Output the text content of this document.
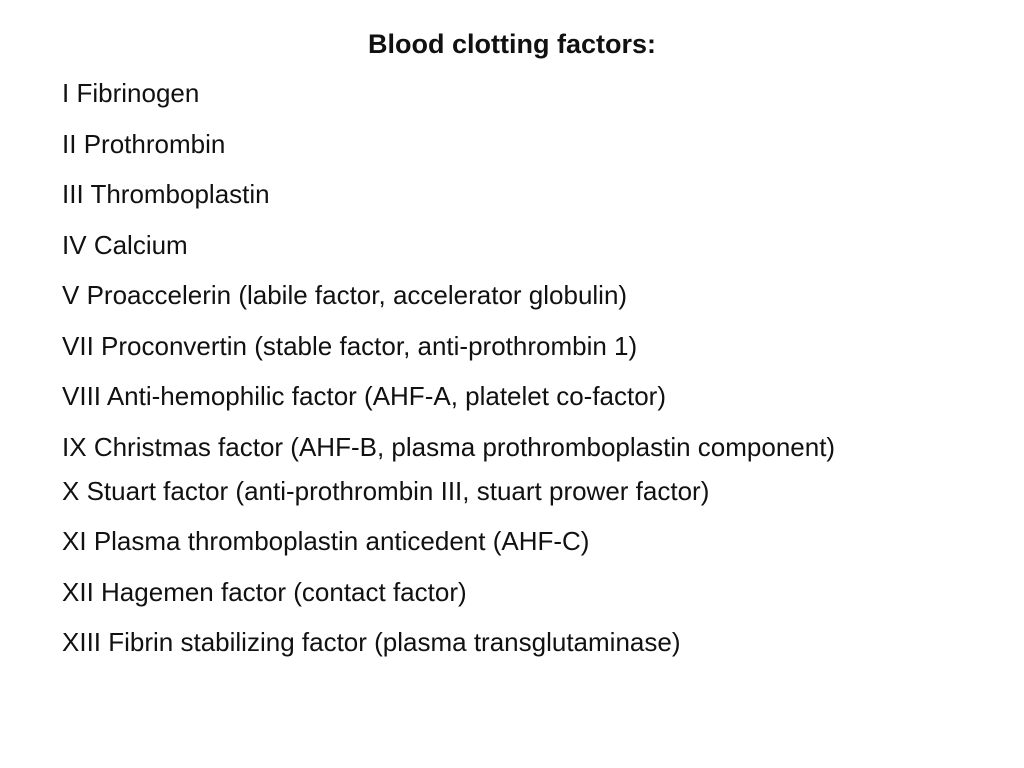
Blood clotting factors:
I Fibrinogen
II Prothrombin
III Thromboplastin
IV Calcium
V Proaccelerin (labile factor, accelerator globulin)
VII Proconvertin (stable factor, anti-prothrombin 1)
VIII Anti-hemophilic factor (AHF-A, platelet co-factor)
IX Christmas factor (AHF-B, plasma prothromboplastin component)
X Stuart factor (anti-prothrombin III, stuart prower factor)
XI Plasma thromboplastin anticedent (AHF-C)
XII Hagemen factor (contact factor)
XIII Fibrin stabilizing factor (plasma transglutaminase)
